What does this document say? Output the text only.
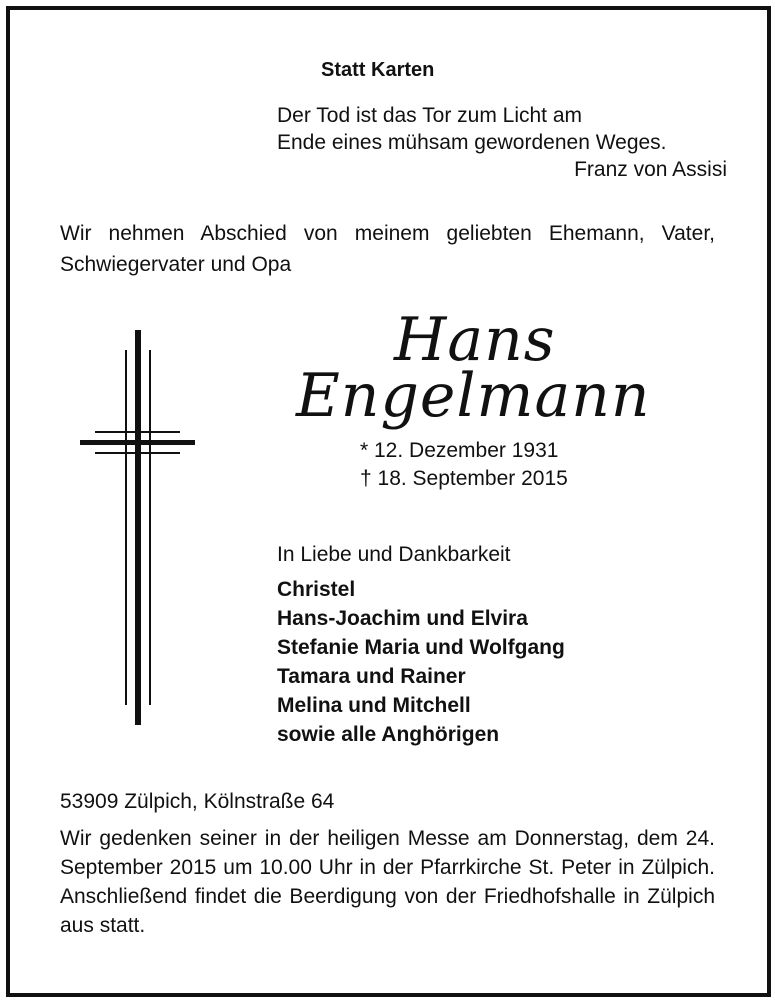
Statt Karten
Der Tod ist das Tor zum Licht am
Ende eines mühsam gewordenen Weges.
Franz von Assisi
Wir nehmen Abschied von meinem geliebten Ehemann, Vater, Schwiegervater und Opa
Hans
Engelmann
* 12. Dezember 1931
† 18. September 2015
In Liebe und Dankbarkeit
Christel
Hans-Joachim und Elvira
Stefanie Maria und Wolfgang
Tamara und Rainer
Melina und Mitchell
sowie alle Anghörigen
53909 Zülpich, Kölnstraße 64
Wir gedenken seiner in der heiligen Messe am Donnerstag, dem 24. September 2015 um 10.00 Uhr in der Pfarrkirche St. Peter in Zülpich. Anschließend findet die Beerdigung von der Friedhofshalle in Zülpich aus statt.
